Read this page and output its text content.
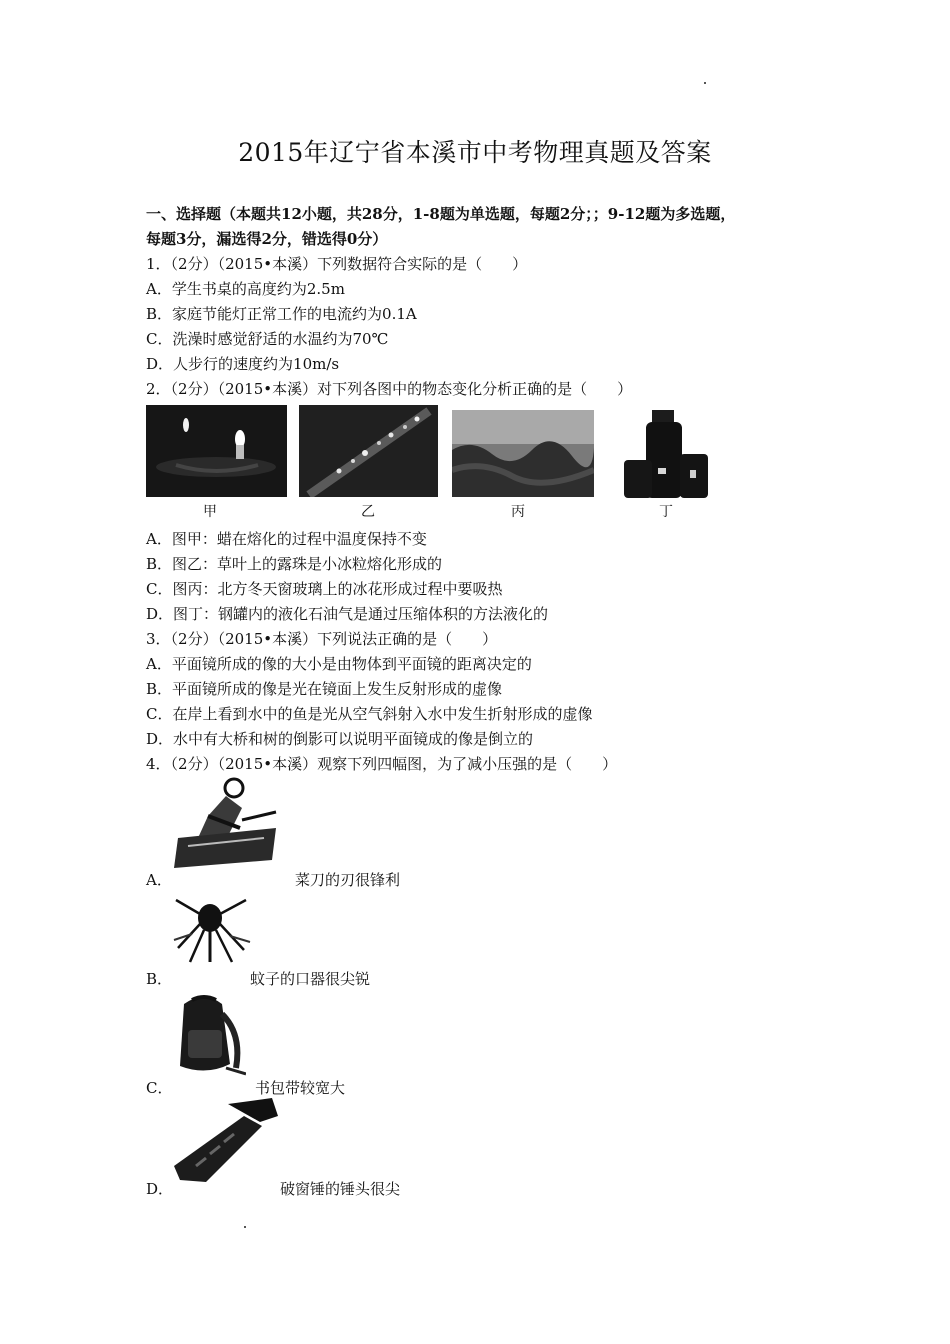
2015年辽宁省本溪市中考物理真题及答案
一、选择题（本题共12小题，共28分，1-8题为单选题，每题2分；；9-12题为多选题，
每题3分，漏选得2分，错选得0分）
1．（2分）（2015•本溪）下列数据符合实际的是（　　）
A．学生书桌的高度约为2.5m
B．家庭节能灯正常工作的电流约为0.1A
C．洗澡时感觉舒适的水温约为70℃
D．人步行的速度约为10m/s
2．（2分）（2015•本溪）对下列各图中的物态变化分析正确的是（　　）
甲	乙	丙	丁
A．图甲：蜡在熔化的过程中温度保持不变
B．图乙：草叶上的露珠是小冰粒熔化形成的
C．图丙：北方冬天窗玻璃上的冰花形成过程中要吸热
D．图丁：钢罐内的液化石油气是通过压缩体积的方法液化的
3．（2分）（2015•本溪）下列说法正确的是（　　）
A．平面镜所成的像的大小是由物体到平面镜的距离决定的
B．平面镜所成的像是光在镜面上发生反射形成的虚像
C．在岸上看到水中的鱼是光从空气斜射入水中发生折射形成的虚像
D．水中有大桥和树的倒影可以说明平面镜成的像是倒立的
4．（2分）（2015•本溪）观察下列四幅图，为了减小压强的是（　　）
A．	菜刀的刃很锋利
B．	蚊子的口器很尖锐
C．	书包带较宽大
D．	破窗锤的锤头很尖
